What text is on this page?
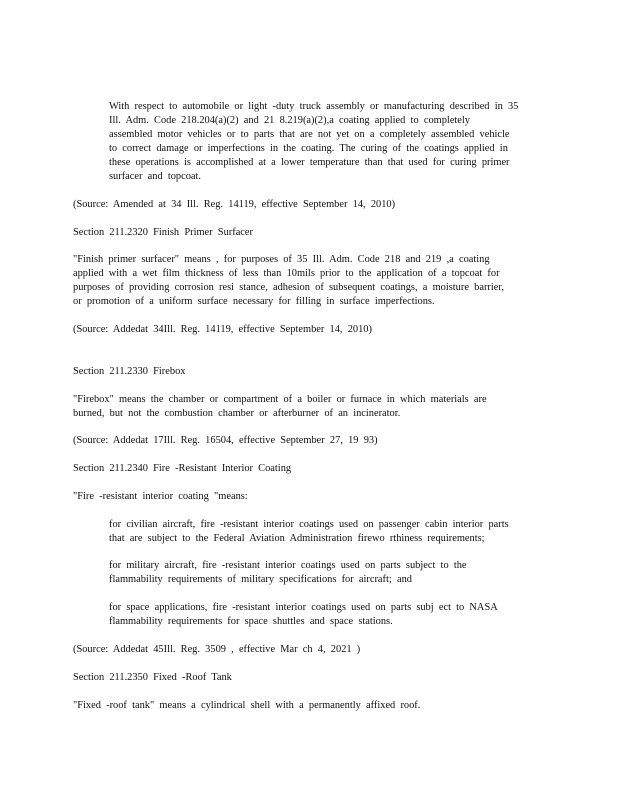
With respect to automobile or light -duty truck assembly or manufacturing described in 35
Ill. Adm. Code 218.204(a)(2) and 21 8.219(a)(2),a coating applied to completely
assembled motor vehicles or to parts that are not yet on a completely assembled vehicle
to correct damage or imperfections in the coating. The curing of the coatings applied in
these operations is accomplished at a lower temperature than that used for curing primer
surfacer and topcoat.
(Source: Amended at 34 Ill. Reg. 14119, effective September 14, 2010)
Section 211.2320 Finish Primer Surfacer
"Finish primer surfacer" means , for purposes of 35 Ill. Adm. Code 218 and 219 ,a coating
applied with a wet film thickness of less than 10mils prior to the application of a topcoat for
purposes of providing corrosion resi stance, adhesion of subsequent coatings, a moisture barrier,
or promotion of a uniform surface necessary for filling in surface imperfections.
(Source: Addedat 34Ill. Reg. 14119, effective September 14, 2010)
Section 211.2330 Firebox
"Firebox" means the chamber or compartment of a boiler or furnace in which materials are
burned, but not the combustion chamber or afterburner of an incinerator.
(Source: Addedat 17Ill. Reg. 16504, effective September 27, 19 93)
Section 211.2340 Fire -Resistant Interior Coating
"Fire -resistant interior coating "means:
for civilian aircraft, fire -resistant interior coatings used on passenger cabin interior parts
that are subject to the Federal Aviation Administration firewo rthiness requirements;
for military aircraft, fire -resistant interior coatings used on parts subject to the
flammability requirements of military specifications for aircraft; and
for space applications, fire -resistant interior coatings used on parts subj ect to NASA
flammability requirements for space shuttles and space stations.
(Source: Addedat 45Ill. Reg. 3509 , effective Mar ch 4, 2021 )
Section 211.2350 Fixed -Roof Tank
"Fixed -roof tank" means a cylindrical shell with a permanently affixed roof.
